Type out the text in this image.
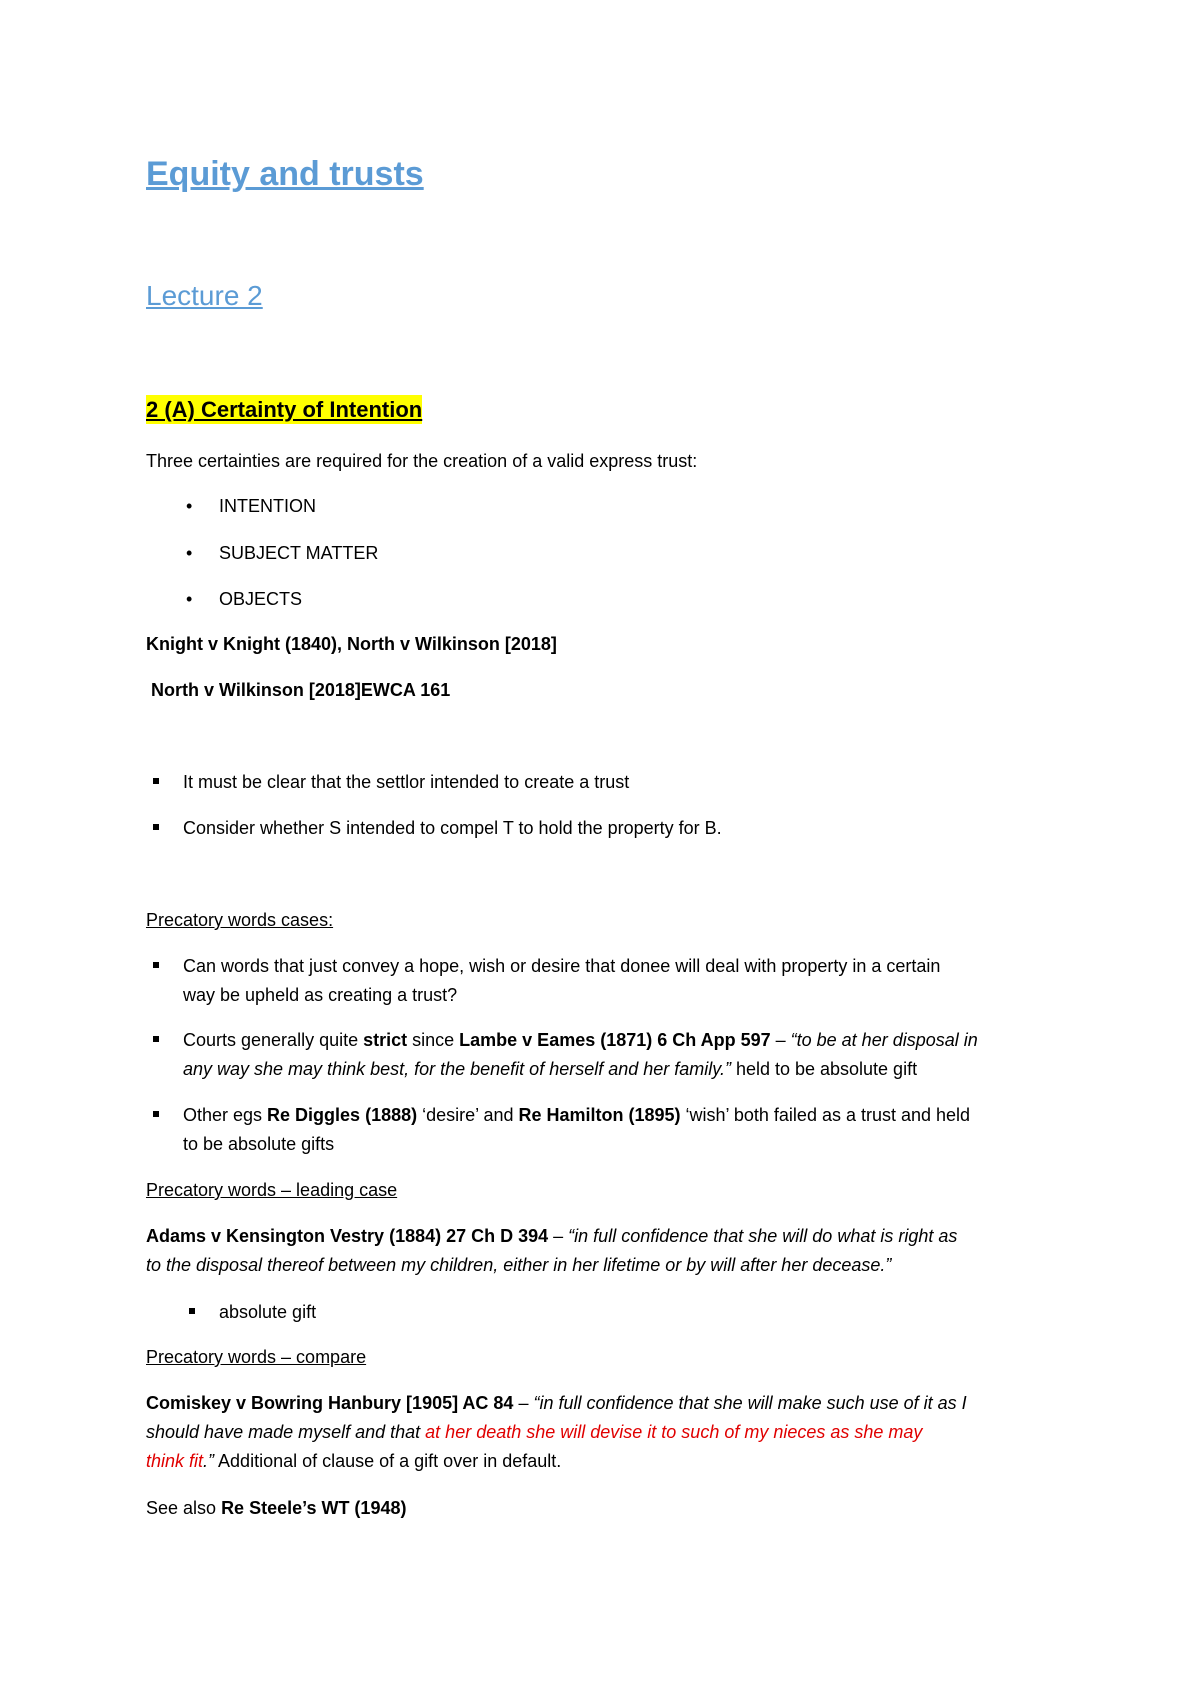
Equity and trusts
Lecture 2
2 (A) Certainty of Intention
Three certainties are required for the creation of a valid express trust:
• INTENTION
• SUBJECT MATTER
• OBJECTS
Knight v Knight (1840), North v Wilkinson [2018]
North v Wilkinson [2018]EWCA 161
It must be clear that the settlor intended to create a trust
Consider whether S intended to compel T to hold the property for B.
Precatory words cases:
Can words that just convey a hope, wish or desire that donee will deal with property in a certain
way be upheld as creating a trust?
Courts generally quite strict since Lambe v Eames (1871) 6 Ch App 597 – “to be at her disposal in
any way she may think best, for the benefit of herself and her family.” held to be absolute gift
Other egs Re Diggles (1888) ‘desire’ and Re Hamilton (1895) ‘wish’ both failed as a trust and held
to be absolute gifts
Precatory words – leading case
Adams v Kensington Vestry (1884) 27 Ch D 394 – “in full confidence that she will do what is right as
to the disposal thereof between my children, either in her lifetime or by will after her decease.”
absolute gift
Precatory words – compare
Comiskey v Bowring Hanbury [1905] AC 84 – “in full confidence that she will make such use of it as I
should have made myself and that at her death she will devise it to such of my nieces as she may
think fit.” Additional of clause of a gift over in default.
See also Re Steele’s WT (1948)
